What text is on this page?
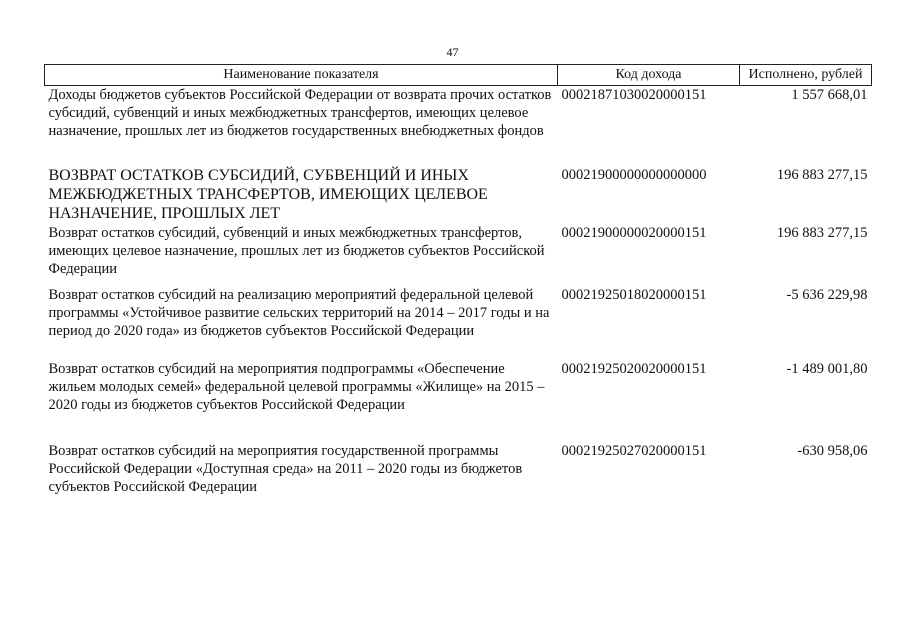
47
Наименование показателя	Код дохода	Исполнено, рублей
Доходы бюджетов субъектов Российской Федерации от возврата прочих остатков субсидий, субвенций и иных межбюджетных трансфертов, имеющих целевое назначение, прошлых лет из бюджетов государственных внебюджетных фондов	00021871030020000151	1 557 668,01
ВОЗВРАТ ОСТАТКОВ СУБСИДИЙ, СУБВЕНЦИЙ И ИНЫХ МЕЖБЮДЖЕТНЫХ ТРАНСФЕРТОВ, ИМЕЮЩИХ ЦЕЛЕВОЕ НАЗНАЧЕНИЕ, ПРОШЛЫХ ЛЕТ	00021900000000000000	196 883 277,15
Возврат остатков субсидий, субвенций и иных межбюджетных трансфертов, имеющих целевое назначение, прошлых лет из бюджетов субъектов Российской Федерации	00021900000020000151	196 883 277,15
Возврат остатков субсидий на реализацию мероприятий федеральной целевой программы «Устойчивое развитие сельских территорий на 2014 – 2017 годы и на период до 2020 года» из бюджетов субъектов Российской Федерации	00021925018020000151	-5 636 229,98
Возврат остатков субсидий на мероприятия подпрограммы «Обеспечение жильем молодых семей» федеральной целевой программы «Жилище» на 2015 – 2020 годы из бюджетов субъектов Российской Федерации	00021925020020000151	-1 489 001,80
Возврат остатков субсидий на мероприятия государственной программы Российской Федерации «Доступная среда» на 2011 – 2020 годы из бюджетов субъектов Российской Федерации	00021925027020000151	-630 958,06
